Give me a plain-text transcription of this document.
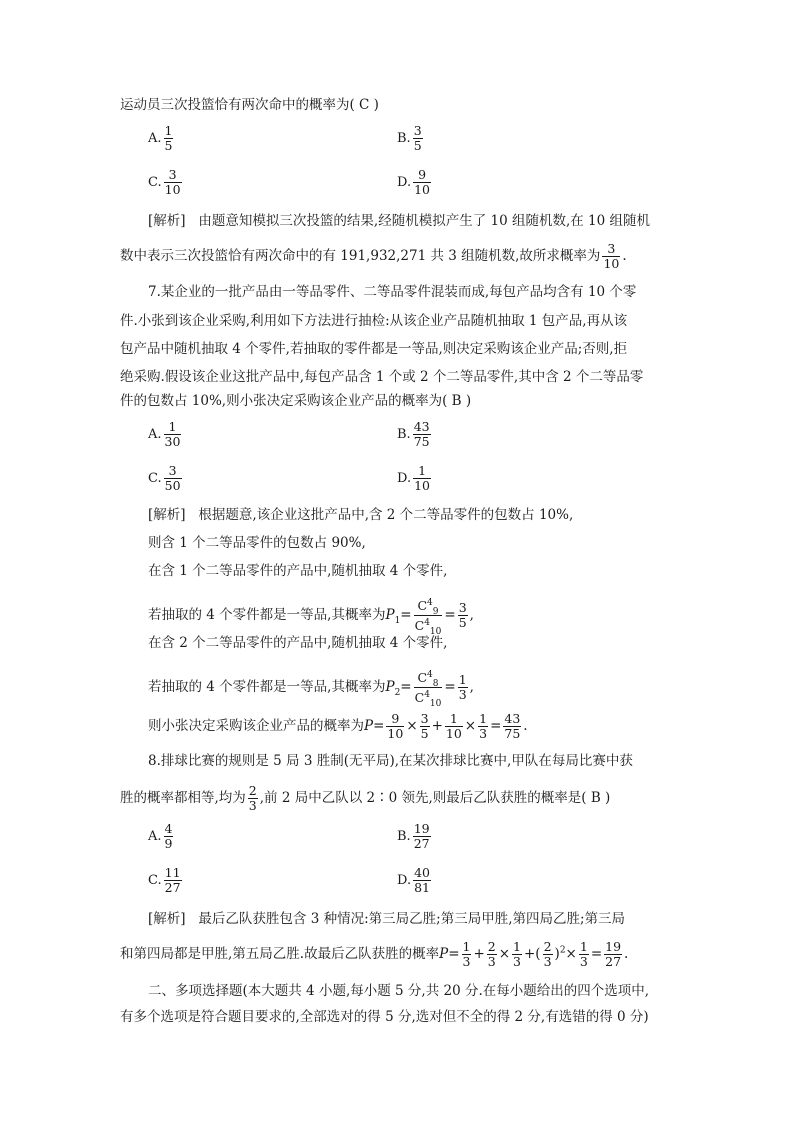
运动员三次投篮恰有两次命中的概率为( C )
A. $\frac{1}{5}$	B. $\frac{3}{5}$
C. $\frac{3}{10}$	D. $\frac{9}{10}$
[解析] 由题意知模拟三次投篮的结果,经随机模拟产生了 10 组随机数,在 10 组随机
数中表示三次投篮恰有两次命中的有 191,932,271 共 3 组随机数,故所求概率为 $\frac{3}{10}$ .
7.某企业的一批产品由一等品零件、二等品零件混装而成,每包产品均含有 10 个零
件.小张到该企业采购,利用如下方法进行抽检:从该企业产品随机抽取 1 包产品,再从该
包产品中随机抽取 4 个零件,若抽取的零件都是一等品,则决定采购该企业产品;否则,拒
绝采购.假设该企业这批产品中,每包产品含 1 个或 2 个二等品零件,其中含 2 个二等品零
件的包数占 10%,则小张决定采购该企业产品的概率为( B )
A. $\frac{1}{30}$	B. $\frac{43}{75}$
C. $\frac{3}{50}$	D. $\frac{1}{10}$
[解析] 根据题意,该企业这批产品中,含 2 个二等品零件的包数占 10%,
则含 1 个二等品零件的包数占 90%,
在含 1 个二等品零件的产品中,随机抽取 4 个零件,
若抽取的 4 个零件都是一等品,其概率为$P_1= \frac{C^4_9}{C^4_{10}} = \frac{3}{5}$ ,
在含 2 个二等品零件的产品中,随机抽取 4 个零件,
若抽取的 4 个零件都是一等品,其概率为$P_2= \frac{C^4_8}{C^4_{10}} = \frac{1}{3}$ ,
则小张决定采购该企业产品的概率为$P= \frac{9}{10} \times \frac{3}{5} + \frac{1}{10} \times \frac{1}{3} = \frac{43}{75}$ .
8.排球比赛的规则是 5 局 3 胜制(无平局),在某次排球比赛中,甲队在每局比赛中获
胜的概率都相等,均为 $\frac{2}{3}$ ,前 2 局中乙队以 2∶0 领先,则最后乙队获胜的概率是( B )
A. $\frac{4}{9}$	B. $\frac{19}{27}$
C. $\frac{11}{27}$	D. $\frac{40}{81}$
[解析] 最后乙队获胜包含 3 种情况:第三局乙胜;第三局甲胜,第四局乙胜;第三局
和第四局都是甲胜,第五局乙胜.故最后乙队获胜的概率$P= \frac{1}{3} + \frac{2}{3} \times \frac{1}{3}$ +( $\frac{2}{3} )^2\times \frac{1}{3} = \frac{19}{27}$ .
二、多项选择题(本大题共 4 小题,每小题 5 分,共 20 分.在每小题给出的四个选项中,
有多个选项是符合题目要求的,全部选对的得 5 分,选对但不全的得 2 分,有选错的得 0 分)
